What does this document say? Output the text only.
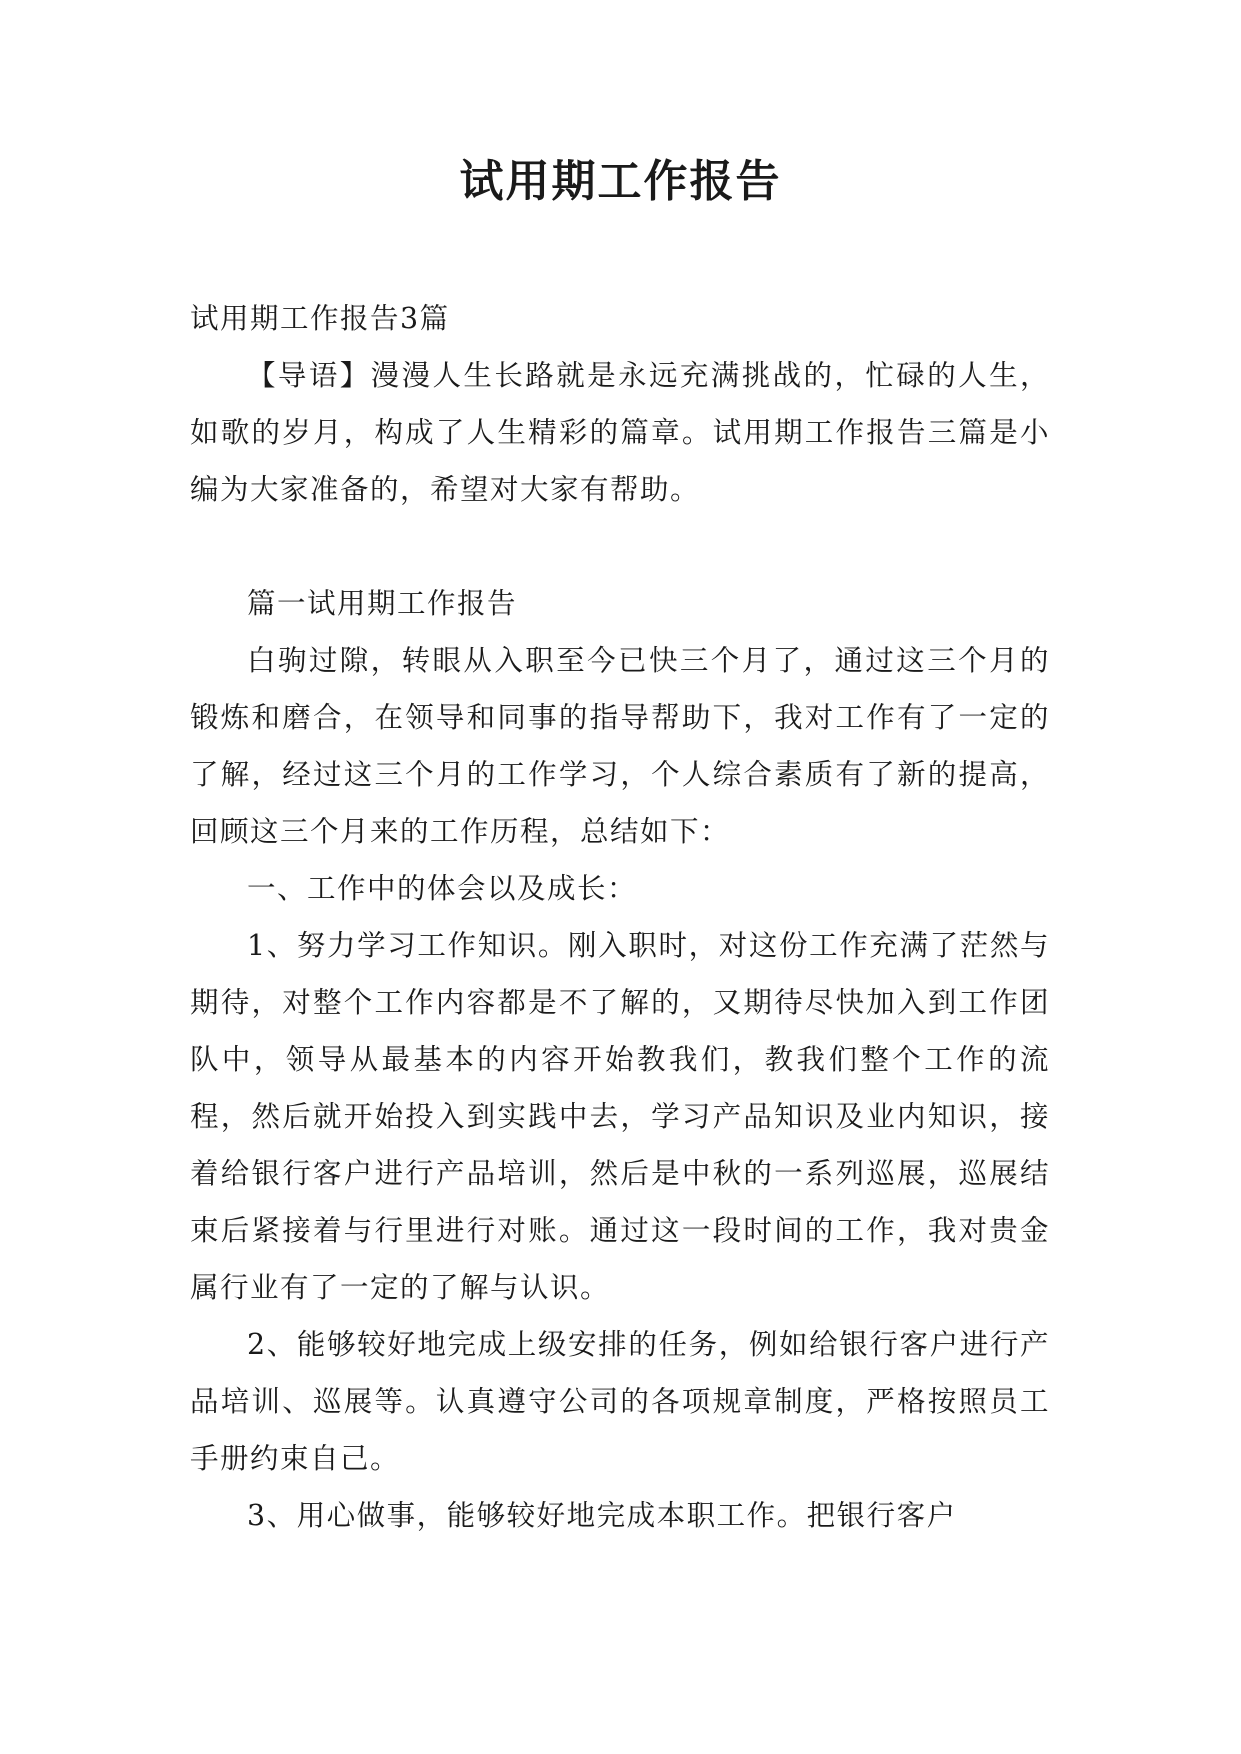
试用期工作报告

试用期工作报告3篇

【导语】漫漫人生长路就是永远充满挑战的，忙碌的人生，如歌的岁月，构成了人生精彩的篇章。试用期工作报告三篇是小编为大家准备的，希望对大家有帮助。

篇一试用期工作报告

白驹过隙，转眼从入职至今已快三个月了，通过这三个月的锻炼和磨合，在领导和同事的指导帮助下，我对工作有了一定的了解，经过这三个月的工作学习，个人综合素质有了新的提高，回顾这三个月来的工作历程，总结如下：

一、工作中的体会以及成长：

1、努力学习工作知识。刚入职时，对这份工作充满了茫然与期待，对整个工作内容都是不了解的，又期待尽快加入到工作团队中，领导从最基本的内容开始教我们，教我们整个工作的流程，然后就开始投入到实践中去，学习产品知识及业内知识，接着给银行客户进行产品培训，然后是中秋的一系列巡展，巡展结束后紧接着与行里进行对账。通过这一段时间的工作，我对贵金属行业有了一定的了解与认识。

2、能够较好地完成上级安排的任务，例如给银行客户进行产品培训、巡展等。认真遵守公司的各项规章制度，严格按照员工手册约束自己。

3、用心做事，能够较好地完成本职工作。把银行客户
